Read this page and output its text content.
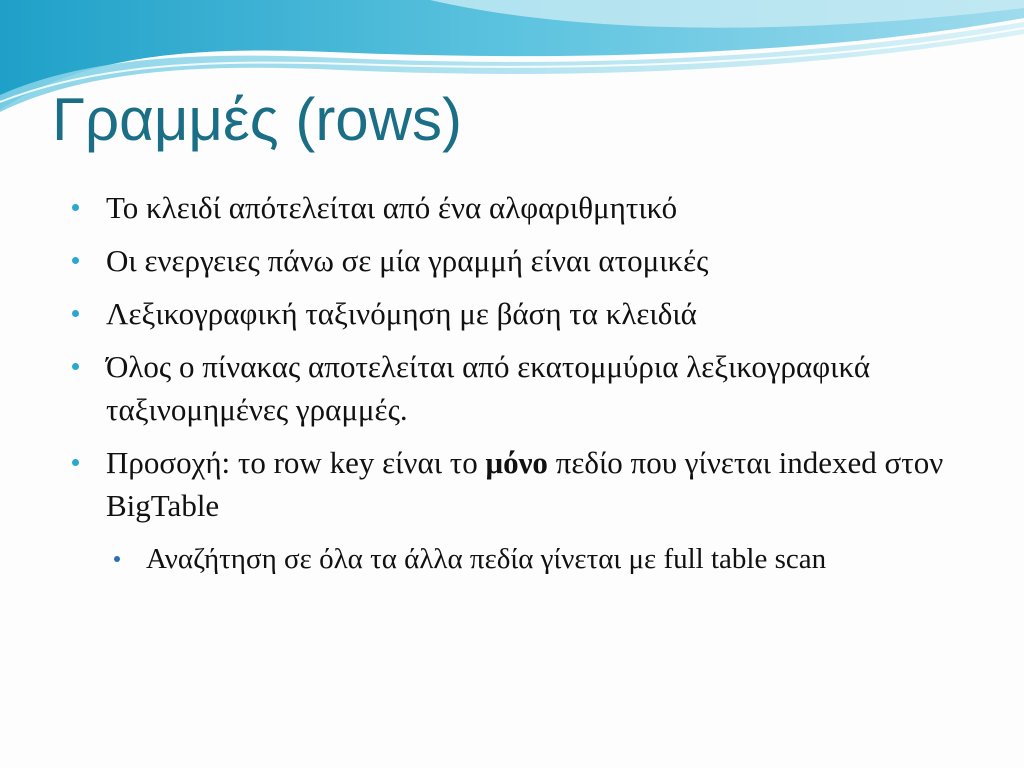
Γραμμές (rows)
Το κλειδί απότελείται από ένα αλφαριθμητικό
Οι ενεργειες πάνω σε μία γραμμή είναι ατομικές
Λεξικογραφική ταξινόμηση με βάση τα κλειδιά
Όλος ο πίνακας αποτελείται από εκατομμύρια λεξικογραφικά ταξινομημένες γραμμές.
Προσοχή: το row key είναι το μόνο πεδίο που γίνεται indexed στον BigTable
Αναζήτηση σε όλα τα άλλα πεδία γίνεται με full table scan
